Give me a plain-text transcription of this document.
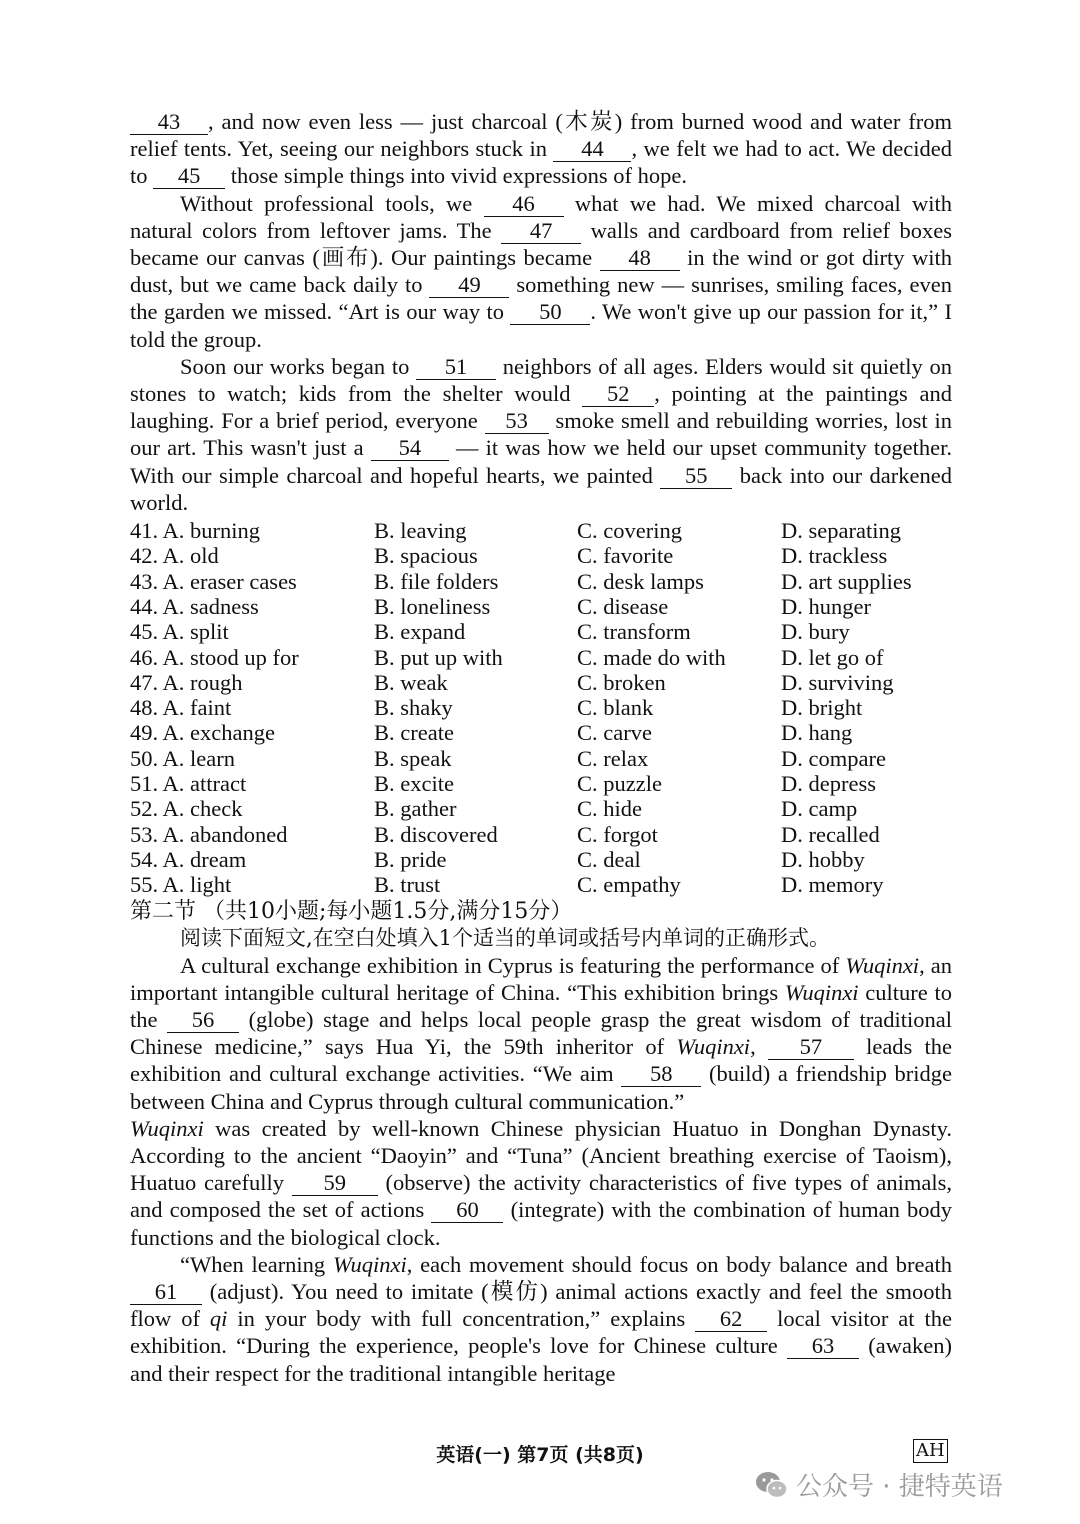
43 , and now even less — just charcoal (木炭) from burned wood and water from relief tents. Yet, seeing our neighbors stuck in 44 , we felt we had to act. We decided to 45 those simple things into vivid expressions of hope.

Without professional tools, we 46 what we had. We mixed charcoal with natural colors from leftover jams. The 47 walls and cardboard from relief boxes became our canvas (画布). Our paintings became 48 in the wind or got dirty with dust, but we came back daily to 49 something new — sunrises, smiling faces, even the garden we missed. “Art is our way to 50 . We won't give up our passion for it,” I told the group.

Soon our works began to 51 neighbors of all ages. Elders would sit quietly on stones to watch; kids from the shelter would 52 , pointing at the paintings and laughing. For a brief period, everyone 53 smoke smell and rebuilding worries, lost in our art. This wasn't just a 54 — it was how we held our upset community together. With our simple charcoal and hopeful hearts, we painted 55 back into our darkened world.

41. A. burning	B. leaving	C. covering	D. separating
42. A. old	B. spacious	C. favorite	D. trackless
43. A. eraser cases	B. file folders	C. desk lamps	D. art supplies
44. A. sadness	B. loneliness	C. disease	D. hunger
45. A. split	B. expand	C. transform	D. bury
46. A. stood up for	B. put up with	C. made do with	D. let go of
47. A. rough	B. weak	C. broken	D. surviving
48. A. faint	B. shaky	C. blank	D. bright
49. A. exchange	B. create	C. carve	D. hang
50. A. learn	B. speak	C. relax	D. compare
51. A. attract	B. excite	C. puzzle	D. depress
52. A. check	B. gather	C. hide	D. camp
53. A. abandoned	B. discovered	C. forgot	D. recalled
54. A. dream	B. pride	C. deal	D. hobby
55. A. light	B. trust	C. empathy	D. memory

第二节 （共10小题;每小题1.5分,满分15分）

阅读下面短文,在空白处填入1个适当的单词或括号内单词的正确形式。

A cultural exchange exhibition in Cyprus is featuring the performance of Wuqinxi, an important intangible cultural heritage of China. “This exhibition brings Wuqinxi culture to the 56 (globe) stage and helps local people grasp the great wisdom of traditional Chinese medicine,” says Hua Yi, the 59th inheritor of Wuqinxi, 57 leads the exhibition and cultural exchange activities. “We aim 58 (build) a friendship bridge between China and Cyprus through cultural communication.”

Wuqinxi was created by well-known Chinese physician Huatuo in Donghan Dynasty. According to the ancient “Daoyin” and “Tuna” (Ancient breathing exercise of Taoism), Huatuo carefully 59 (observe) the activity characteristics of five types of animals, and composed the set of actions 60 (integrate) with the combination of human body functions and the biological clock.

“When learning Wuqinxi, each movement should focus on body balance and breath 61 (adjust). You need to imitate (模仿) animal actions exactly and feel the smooth flow of qi in your body with full concentration,” explains 62 local visitor at the exhibition. “During the experience, people's love for Chinese culture 63 (awaken) and their respect for the traditional intangible heritage

英语(一) 第7页 (共8页)	AH
公众号 · 捷特英语
